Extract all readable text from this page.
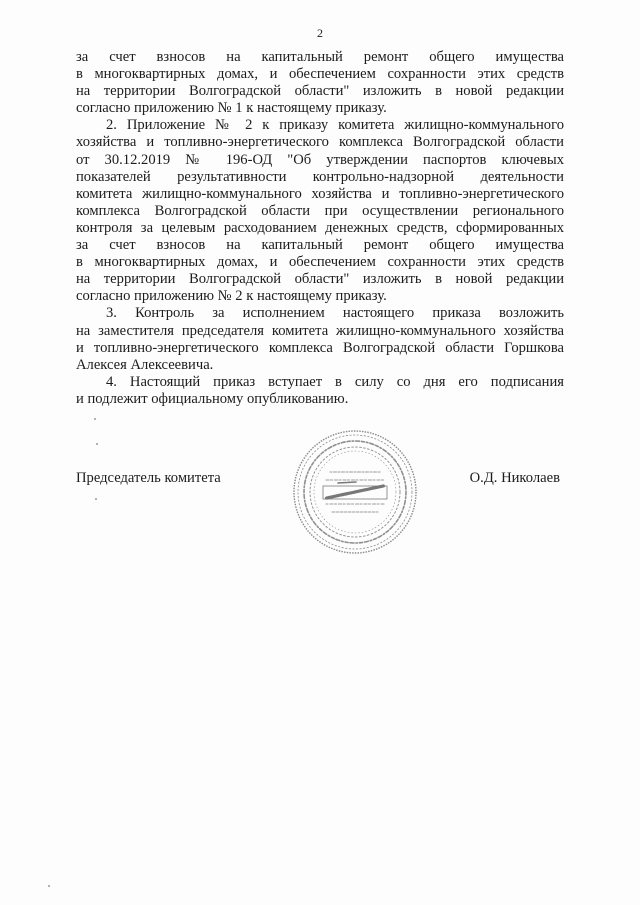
2
за счет взносов на капитальный ремонт общего имущества
в многоквартирных домах, и обеспечением сохранности этих средств
на территории Волгоградской области" изложить в новой редакции
согласно приложению № 1 к настоящему приказу.
2. Приложение № 2 к приказу комитета жилищно-коммунального
хозяйства и топливно-энергетического комплекса Волгоградской области
от 30.12.2019 № 196-ОД "Об утверждении паспортов ключевых
показателей результативности контрольно-надзорной деятельности
комитета жилищно-коммунального хозяйства и топливно-энергетического
комплекса Волгоградской области при осуществлении регионального
контроля за целевым расходованием денежных средств, сформированных
за счет взносов на капитальный ремонт общего имущества
в многоквартирных домах, и обеспечением сохранности этих средств
на территории Волгоградской области" изложить в новой редакции
согласно приложению № 2 к настоящему приказу.
3. Контроль за исполнением настоящего приказа возложить
на заместителя председателя комитета жилищно-коммунального хозяйства
и топливно-энергетического комплекса Волгоградской области Горшкова
Алексея Алексеевича.
4. Настоящий приказ вступает в силу со дня его подписания
и подлежит официальному опубликованию.
Председатель комитета	О.Д. Николаев
